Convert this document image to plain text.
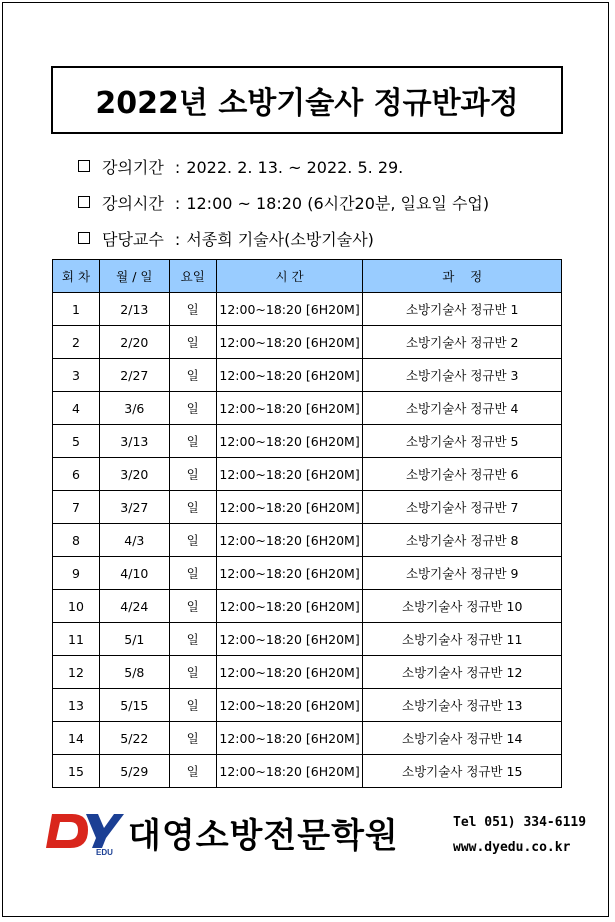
2022년 소방기술사 정규반과정
강의기간 : 2022. 2. 13. ~ 2022. 5. 29.
강의시간 : 12:00 ~ 18:20 (6시간20분, 일요일 수업)
담당교수 : 서종희 기술사(소방기술사)
회 차	월 / 일	요일	시 간	과    정
1	2/13	일	12:00~18:20 [6H20M]	소방기술사 정규반 1
2	2/20	일	12:00~18:20 [6H20M]	소방기술사 정규반 2
3	2/27	일	12:00~18:20 [6H20M]	소방기술사 정규반 3
4	3/6	일	12:00~18:20 [6H20M]	소방기술사 정규반 4
5	3/13	일	12:00~18:20 [6H20M]	소방기술사 정규반 5
6	3/20	일	12:00~18:20 [6H20M]	소방기술사 정규반 6
7	3/27	일	12:00~18:20 [6H20M]	소방기술사 정규반 7
8	4/3	일	12:00~18:20 [6H20M]	소방기술사 정규반 8
9	4/10	일	12:00~18:20 [6H20M]	소방기술사 정규반 9
10	4/24	일	12:00~18:20 [6H20M]	소방기술사 정규반 10
11	5/1	일	12:00~18:20 [6H20M]	소방기술사 정규반 11
12	5/8	일	12:00~18:20 [6H20M]	소방기술사 정규반 12
13	5/15	일	12:00~18:20 [6H20M]	소방기술사 정규반 13
14	5/22	일	12:00~18:20 [6H20M]	소방기술사 정규반 14
15	5/29	일	12:00~18:20 [6H20M]	소방기술사 정규반 15
EDU
DY
대영소방전문학원	Tel 051) 334-6119
www.dyedu.co.kr
